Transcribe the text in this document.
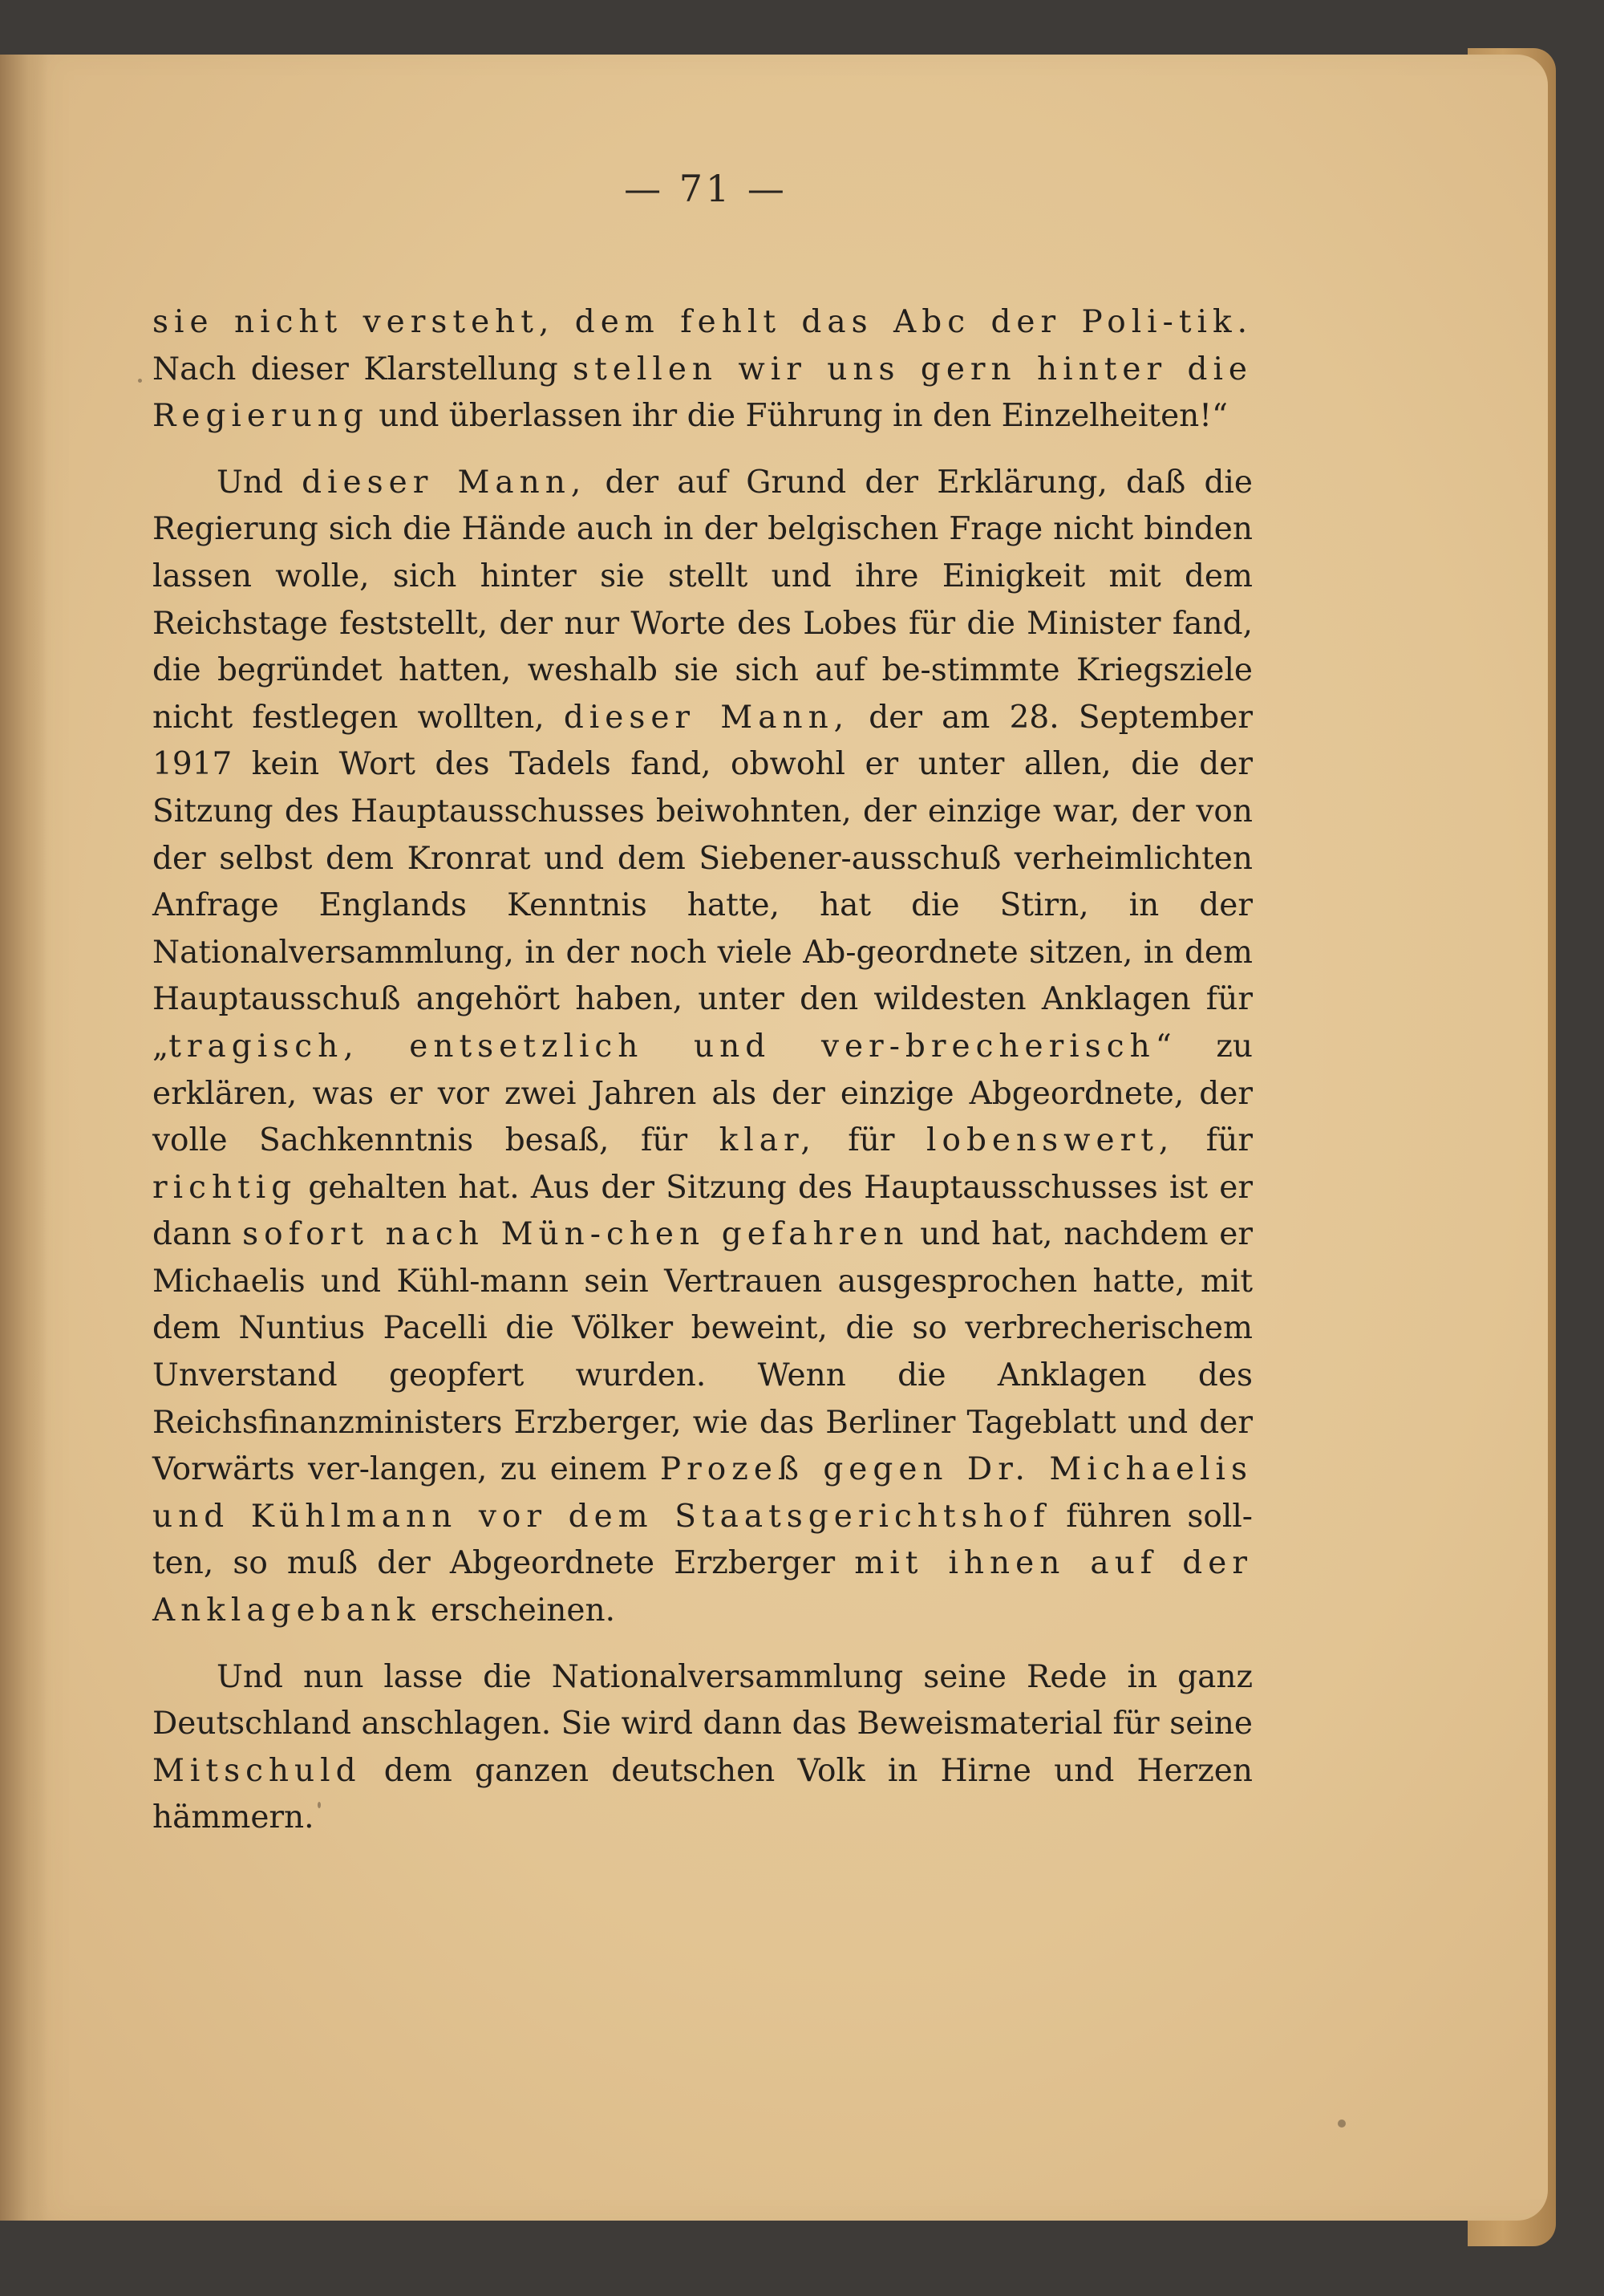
— 71 —

sie nicht versteht, dem fehlt das Abc der Poli-tik. Nach dieser Klarstellung stellen wir uns gern hinter die Regierung und überlassen ihr die Führung in den Einzelheiten!“

Und dieser Mann, der auf Grund der Erklärung, daß die Regierung sich die Hände auch in der belgischen Frage nicht binden lassen wolle, sich hinter sie stellt und ihre Einigkeit mit dem Reichstage feststellt, der nur Worte des Lobes für die Minister fand, die begründet hatten, weshalb sie sich auf be-stimmte Kriegsziele nicht festlegen wollten, dieser Mann, der am 28. September 1917 kein Wort des Tadels fand, obwohl er unter allen, die der Sitzung des Hauptausschusses beiwohnten, der einzige war, der von der selbst dem Kronrat und dem Siebener-ausschuß verheimlichten Anfrage Englands Kenntnis hatte, hat die Stirn, in der Nationalversammlung, in der noch viele Ab-geordnete sitzen, in dem Hauptausschuß angehört haben, unter den wildesten Anklagen für „tragisch, entsetzlich und ver-brecherisch“ zu erklären, was er vor zwei Jahren als der einzige Abgeordnete, der volle Sachkenntnis besaß, für klar, für lobenswert, für richtig gehalten hat. Aus der Sitzung des Hauptausschusses ist er dann sofort nach Mün-chen gefahren und hat, nachdem er Michaelis und Kühl-mann sein Vertrauen ausgesprochen hatte, mit dem Nuntius Pacelli die Völker beweint, die so verbrecherischem Unverstand geopfert wurden. Wenn die Anklagen des Reichsfinanzministers Erzberger, wie das Berliner Tageblatt und der Vorwärts ver-langen, zu einem Prozeß gegen Dr. Michaelis und Kühlmann vor dem Staatsgerichtshof führen soll-ten, so muß der Abgeordnete Erzberger mit ihnen auf der Anklagebank erscheinen.

Und nun lasse die Nationalversammlung seine Rede in ganz Deutschland anschlagen. Sie wird dann das Beweismaterial für seine Mitschuld dem ganzen deutschen Volk in Hirne und Herzen hämmern.
